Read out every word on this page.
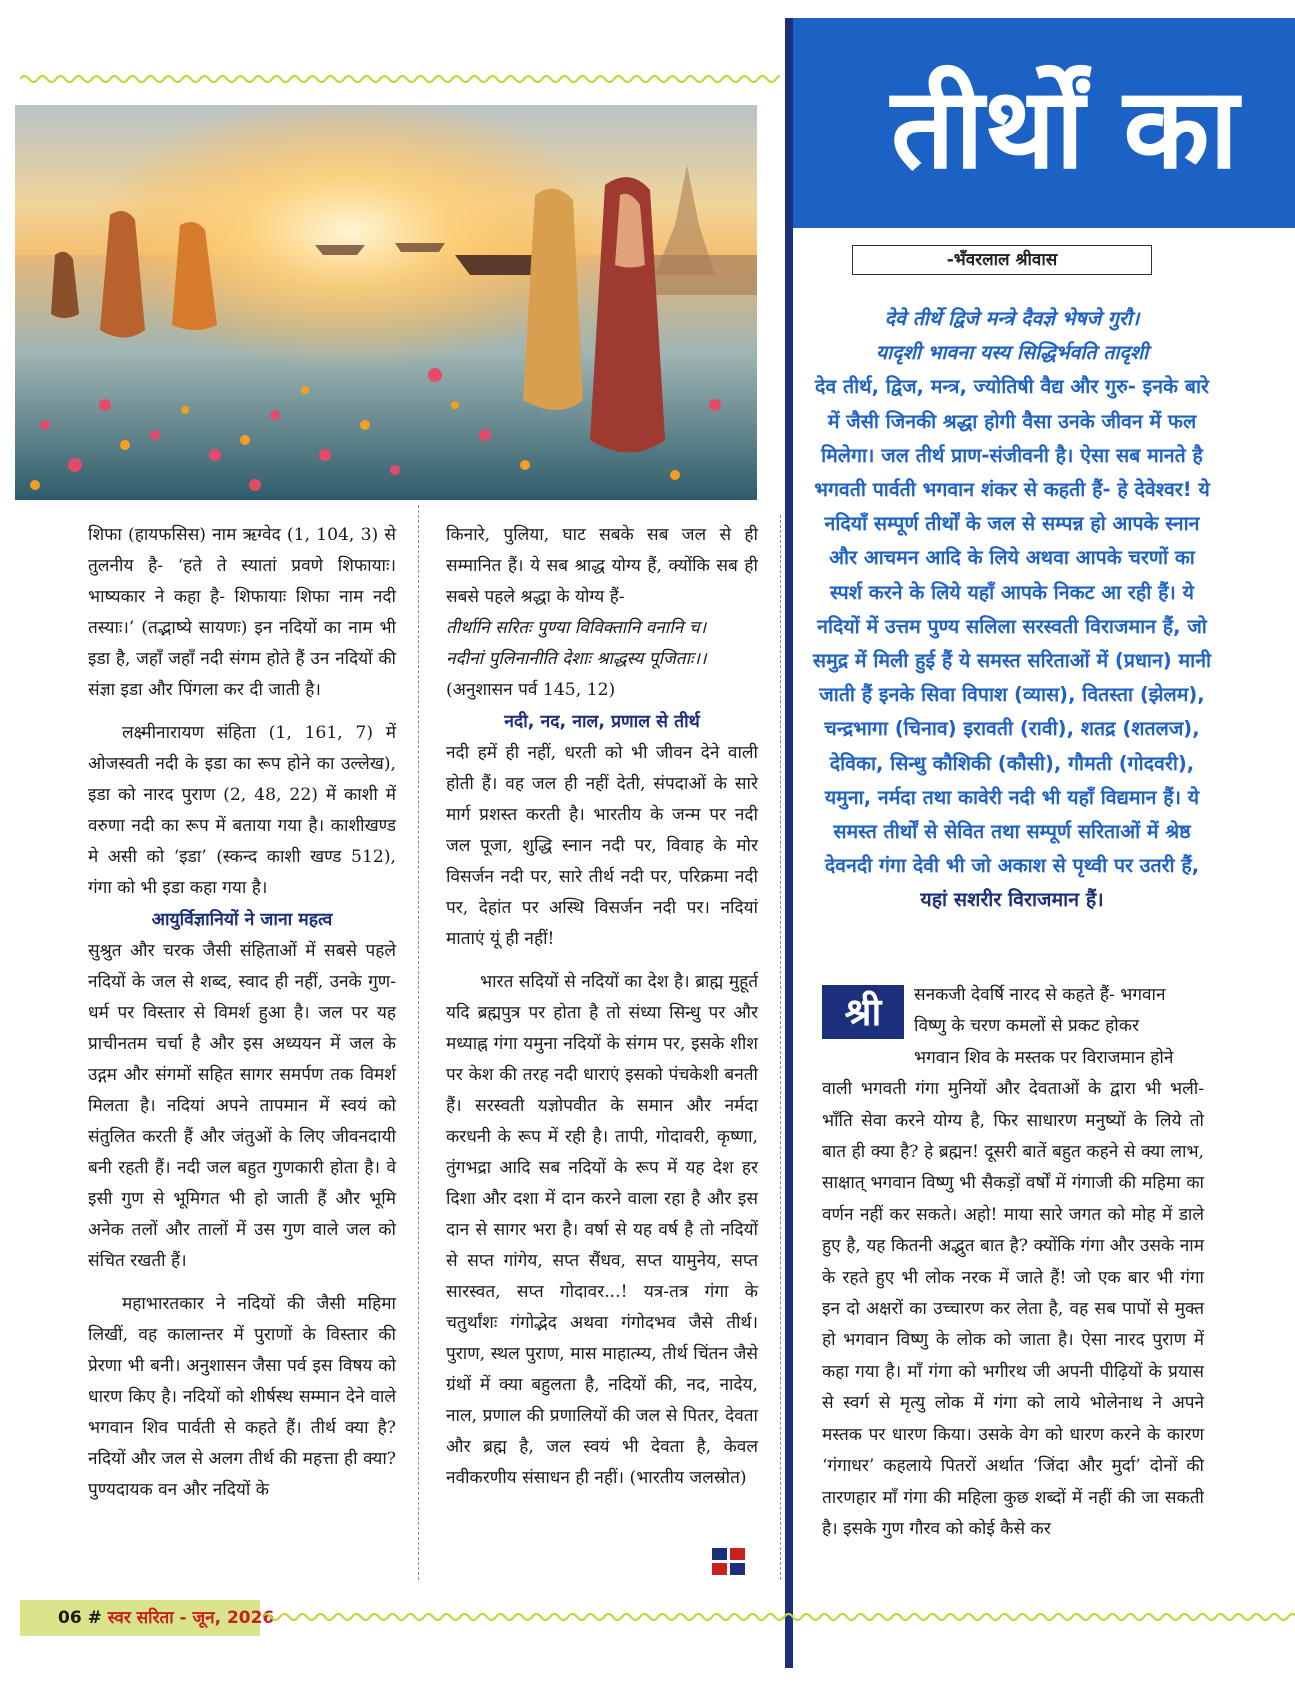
शिफा (हायफसिस) नाम ऋग्वेद (1, 104, 3) से तुलनीय है- ‘हते ते स्यातां प्रवणे शिफायाः। भाष्यकार ने कहा है- शिफायाः शिफा नाम नदी तस्याः।’ (तद्भाष्ये सायणः) इन नदियों का नाम भी इडा है, जहाँ जहाँ नदी संगम होते हैं उन नदियों की संज्ञा इडा और पिंगला कर दी जाती है।

लक्ष्मीनारायण संहिता (1, 161, 7) में ओजस्वती नदी के इडा का रूप होने का उल्लेख), इडा को नारद पुराण (2, 48, 22) में काशी में वरुणा नदी का रूप में बताया गया है। काशीखण्ड मे असी को ‘इडा’ (स्कन्द काशी खण्ड 512), गंगा को भी इडा कहा गया है।

आयुर्विज्ञानियों ने जाना महत्व

सुश्रुत और चरक जैसी संहिताओं में सबसे पहले नदियों के जल से शब्द, स्वाद ही नहीं, उनके गुण-धर्म पर विस्तार से विमर्श हुआ है। जल पर यह प्राचीनतम चर्चा है और इस अध्ययन में जल के उद्गम और संगमों सहित सागर समर्पण तक विमर्श मिलता है। नदियां अपने तापमान में स्वयं को संतुलित करती हैं और जंतुओं के लिए जीवनदायी बनी रहती हैं। नदी जल बहुत गुणकारी होता है। वे इसी गुण से भूमिगत भी हो जाती हैं और भूमि अनेक तलों और तालों में उस गुण वाले जल को संचित रखती हैं।

महाभारतकार ने नदियों की जैसी महिमा लिखीं, वह कालान्तर में पुराणों के विस्तार की प्रेरणा भी बनी। अनुशासन जैसा पर्व इस विषय को धारण किए है। नदियों को शीर्षस्थ सम्मान देने वाले भगवान शिव पार्वती से कहते हैं। तीर्थ क्या है? नदियों और जल से अलग तीर्थ की महत्ता ही क्या? पुण्यदायक वन और नदियों के

किनारे, पुलिया, घाट सबके सब जल से ही सम्मानित हैं। ये सब श्राद्ध योग्य हैं, क्योंकि सब ही सबसे पहले श्रद्धा के योग्य हैं-

तीर्थानि सरितः पुण्या विविक्तानि वनानि च।

नदीनां पुलिनानीति देशाः श्राद्धस्य पूजिताः।।

(अनुशासन पर्व 145, 12)

नदी, नद, नाल, प्रणाल से तीर्थ

नदी हमें ही नहीं, धरती को भी जीवन देने वाली होती हैं। वह जल ही नहीं देती, संपदाओं के सारे मार्ग प्रशस्त करती है। भारतीय के जन्म पर नदी जल पूजा, शुद्धि स्नान नदी पर, विवाह के मोर विसर्जन नदी पर, सारे तीर्थ नदी पर, परिक्रमा नदी पर, देहांत पर अस्थि विसर्जन नदी पर। नदियां माताएं यूं ही नहीं!

भारत सदियों से नदियों का देश है। ब्राह्म मुहूर्त यदि ब्रह्मपुत्र पर होता है तो संध्या सिन्धु पर और मध्याह्न गंगा यमुना नदियों के संगम पर, इसके शीश पर केश की तरह नदी धाराएं इसको पंचकेशी बनती हैं। सरस्वती यज्ञोपवीत के समान और नर्मदा करधनी के रूप में रही है। तापी, गोदावरी, कृष्णा, तुंगभद्रा आदि सब नदियों के रूप में यह देश हर दिशा और दशा में दान करने वाला रहा है और इस दान से सागर भरा है। वर्षा से यह वर्ष है तो नदियों से सप्त गांगेय, सप्त सैंधव, सप्त यामुनेय, सप्त सारस्वत, सप्त गोदावर...! यत्र-तत्र गंगा के चतुर्थांशः गंगोद्भेद अथवा गंगोदभव जैसे तीर्थ। पुराण, स्थल पुराण, मास माहात्म्य, तीर्थ चिंतन जैसे ग्रंथों में क्या बहुलता है, नदियों की, नद, नादेय, नाल, प्रणाल की प्रणालियों की जल से पितर, देवता और ब्रह्म है, जल स्वयं भी देवता है, केवल नवीकरणीय संसाधन ही नहीं। (भारतीय जलस्रोत)

तीर्थों का
-भँवरलाल श्रीवास
देवे तीर्थे द्विजे मन्त्रे दैवज्ञे भेषजे गुरौ।
यादृशी भावना यस्य सिद्धिर्भवति तादृशी
देव तीर्थ, द्विज, मन्त्र, ज्योतिषी वैद्य और गुरु- इनके बारे में जैसी जिनकी श्रद्धा होगी वैसा उनके जीवन में फल मिलेगा। जल तीर्थ प्राण-संजीवनी है। ऐसा सब मानते है भगवती पार्वती भगवान शंकर से कहती हैं- हे देवेश्वर! ये नदियाँ सम्पूर्ण तीर्थों के जल से सम्पन्न हो आपके स्नान और आचमन आदि के लिये अथवा आपके चरणों का स्पर्श करने के लिये यहाँ आपके निकट आ रही हैं। ये नदियों में उत्तम पुण्य सलिला सरस्वती विराजमान हैं, जो समुद्र में मिली हुई हैं ये समस्त सरिताओं में (प्रधान) मानी जाती हैं इनके सिवा विपाश (व्यास), वितस्ता (झेलम), चन्द्रभागा (चिनाव) इरावती (रावी), शतद्र (शतलज), देविका, सिन्धु कौशिकी (कौसी), गौमती (गोदवरी), यमुना, नर्मदा तथा कावेरी नदी भी यहाँ विद्यमान हैं। ये समस्त तीर्थों से सेवित तथा सम्पूर्ण सरिताओं में श्रेष्ठ देवनदी गंगा देवी भी जो अकाश से पृथ्वी पर उतरी हैं,
यहां सशरीर विराजमान हैं।
श्री	सनकजी देवर्षि नारद से कहते हैं- भगवान
विष्णु के चरण कमलों से प्रकट होकर
भगवान शिव के मस्तक पर विराजमान होने
वाली भगवती गंगा मुनियों और देवताओं के द्वारा भी भली-भाँति सेवा करने योग्य है, फिर साधारण मनुष्यों के लिये तो बात ही क्या है? हे ब्रह्मन! दूसरी बातें बहुत कहने से क्या लाभ, साक्षात् भगवान विष्णु भी सैकड़ों वर्षों में गंगाजी की महिमा का वर्णन नहीं कर सकते। अहो! माया सारे जगत को मोह में डाले हुए है, यह कितनी अद्भुत बात है? क्योंकि गंगा और उसके नाम के रहते हुए भी लोक नरक में जाते हैं! जो एक बार भी गंगा इन दो अक्षरों का उच्चारण कर लेता है, वह सब पापों से मुक्त हो भगवान विष्णु के लोक को जाता है। ऐसा नारद पुराण में कहा गया है। माँ गंगा को भगीरथ जी अपनी पीढ़ियों के प्रयास से स्वर्ग से मृत्यु लोक में गंगा को लाये भोलेनाथ ने अपने मस्तक पर धारण किया। उसके वेग को धारण करने के कारण ‘गंगाधर’ कहलाये पितरों अर्थात ‘जिंदा और मुर्दा’ दोनों की तारणहार माँ गंगा की महिला कुछ शब्दों में नहीं की जा सकती है। इसके गुण गौरव को कोई कैसे कर
06 # स्वर सरिता - जून, 2026
